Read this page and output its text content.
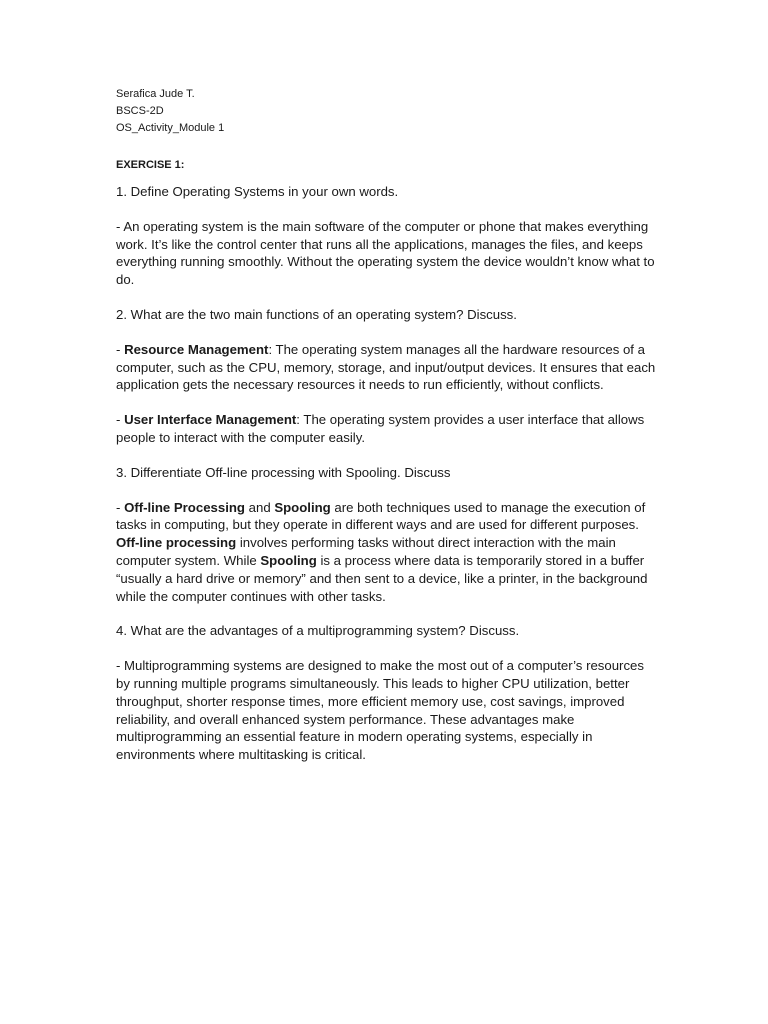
Serafica Jude T.

BSCS-2D

OS_Activity_Module 1

EXERCISE 1:

1. Define Operating Systems in your own words.

- An operating system is the main software of the computer or phone that makes everything work. It’s like the control center that runs all the applications, manages the files, and keeps everything running smoothly. Without the operating system the device wouldn’t know what to do.

2. What are the two main functions of an operating system? Discuss.

- Resource Management: The operating system manages all the hardware resources of a computer, such as the CPU, memory, storage, and input/output devices. It ensures that each application gets the necessary resources it needs to run efficiently, without conflicts.

- User Interface Management: The operating system provides a user interface that allows people to interact with the computer easily.

3. Differentiate Off-line processing with Spooling. Discuss

- Off-line Processing and Spooling are both techniques used to manage the execution of tasks in computing, but they operate in different ways and are used for different purposes. Off-line processing involves performing tasks without direct interaction with the main computer system. While Spooling is a process where data is temporarily stored in a buffer “usually a hard drive or memory” and then sent to a device, like a printer, in the background while the computer continues with other tasks.

4. What are the advantages of a multiprogramming system? Discuss.

- Multiprogramming systems are designed to make the most out of a computer’s resources by running multiple programs simultaneously. This leads to higher CPU utilization, better throughput, shorter response times, more efficient memory use, cost savings, improved reliability, and overall enhanced system performance. These advantages make multiprogramming an essential feature in modern operating systems, especially in environments where multitasking is critical.
